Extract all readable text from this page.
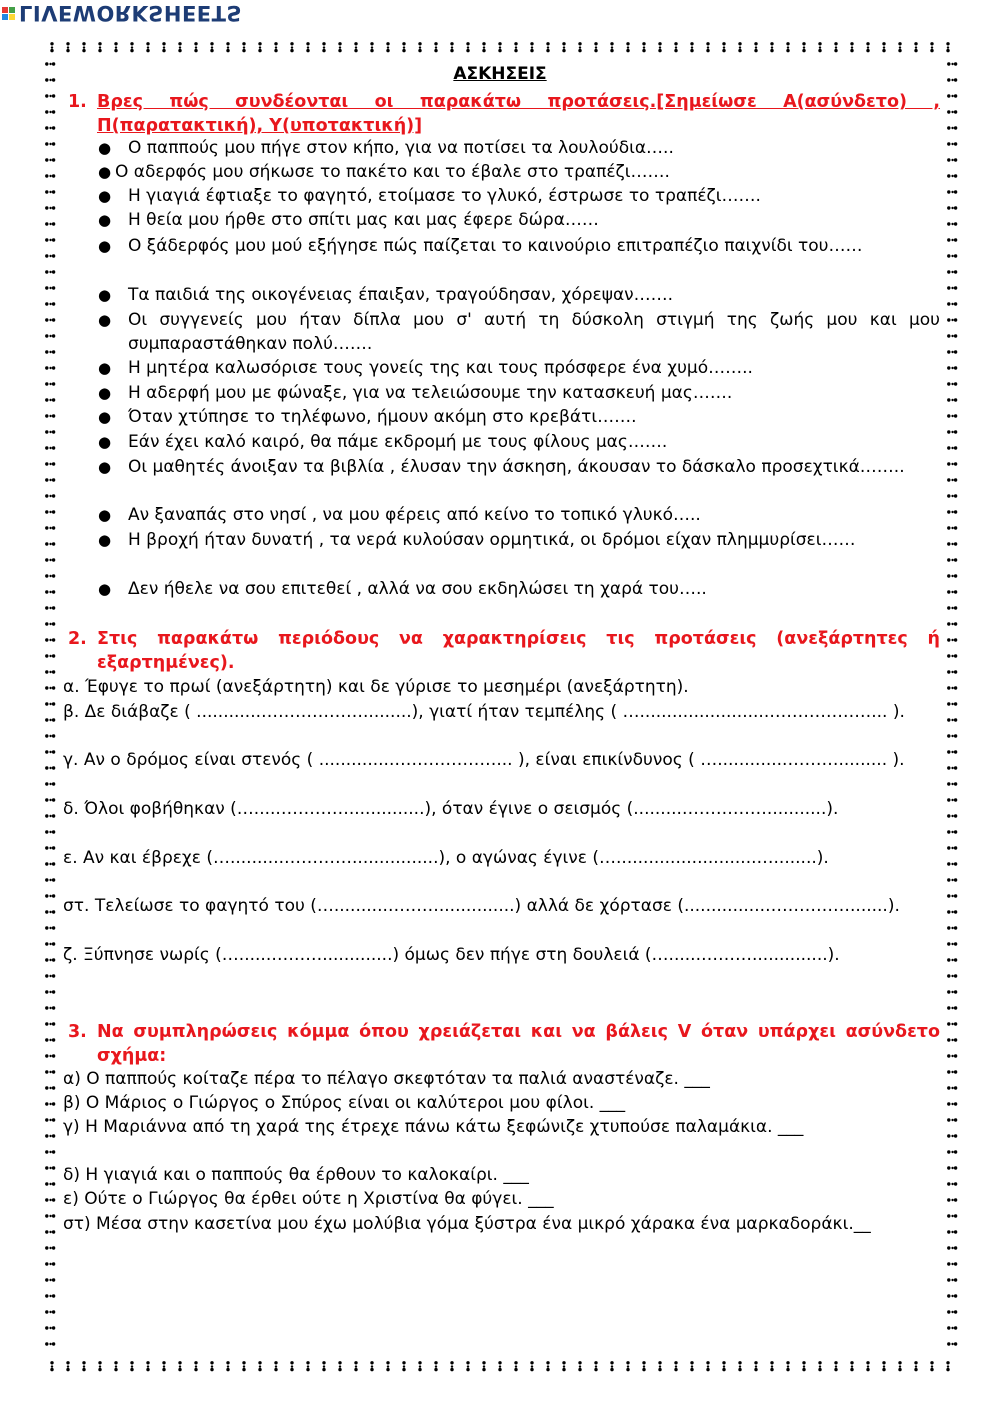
LIVEWORKSHEETS
ΑΣΚΗΣΕΙΣ
1. Βρες πώς συνδέονται οι παρακάτω προτάσεις.[Σημείωσε Α(ασύνδετο) , Π(παρατακτική), Υ(υποτακτική)]
● Ο παππούς μου πήγε στον κήπο, για να ποτίσει τα λουλούδια…..
● Ο αδερφός μου σήκωσε το πακέτο και το έβαλε στο τραπέζι…….
● Η γιαγιά έφτιαξε το φαγητό, ετοίμασε το γλυκό, έστρωσε το τραπέζι…….
● Η θεία μου ήρθε στο σπίτι μας και μας έφερε δώρα……
● Ο ξάδερφός μου μού εξήγησε πώς παίζεται το καινούριο επιτραπέζιο παιχνίδι του……
● Τα παιδιά της οικογένειας έπαιξαν, τραγούδησαν, χόρεψαν…….
● Οι συγγενείς μου ήταν δίπλα μου σ' αυτή τη δύσκολη στιγμή της ζωής μου και μου συμπαραστάθηκαν πολύ…….
● Η μητέρα καλωσόρισε τους γονείς της και τους πρόσφερε ένα χυμό……..
● Η αδερφή μου με φώναξε, για να τελειώσουμε την κατασκευή μας…….
● Όταν χτύπησε το τηλέφωνο, ήμουν ακόμη στο κρεβάτι…….
● Εάν έχει καλό καιρό, θα πάμε εκδρομή με τους φίλους μας…….
● Οι μαθητές άνοιξαν τα βιβλία , έλυσαν την άσκηση, άκουσαν το δάσκαλο προσεχτικά……..
● Αν ξαναπάς στο νησί , να μου φέρεις από κείνο το τοπικό γλυκό…..
● Η βροχή ήταν δυνατή , τα νερά κυλούσαν ορμητικά, οι δρόμοι είχαν πλημμυρίσει……
● Δεν ήθελε να σου επιτεθεί , αλλά να σου εκδηλώσει τη χαρά του…..
2. Στις παρακάτω περιόδους να χαρακτηρίσεις τις προτάσεις (ανεξάρτητες ή εξαρτημένες).
α. Έφυγε το πρωί (ανεξάρτητη) και δε γύρισε το μεσημέρι (ανεξάρτητη).
β. Δε διάβαζε ( ............……………….........), γιατί ήταν τεμπέλης ( …........................………………... ).
γ. Αν ο δρόμος είναι στενός ( ..............………………... ), είναι επικίνδυνος ( ….............………......... ).
δ. Όλοι φοβήθηκαν (….....…………..............), όταν έγινε ο σεισμός (.........……………...........).
ε. Αν και έβρεχε (…..........…………................), ο αγώνας έγινε (…..........................…........).
στ. Τελείωσε το φαγητό του (…..........………..............) αλλά δε χόρτασε (...............…………….......).
ζ. Ξύπνησε νωρίς (…......……….............) όμως δεν πήγε στη δουλειά (…......………..............).
3. Να συμπληρώσεις κόμμα όπου χρειάζεται και να βάλεις V όταν υπάρχει ασύνδετο σχήμα:
α) Ο παππούς κοίταζε πέρα το πέλαγο σκεφτόταν τα παλιά αναστέναζε. ___
β) Ο Μάριος ο Γιώργος ο Σπύρος είναι οι καλύτεροι μου φίλοι. ___
γ) Η Μαριάννα από τη χαρά της έτρεχε πάνω κάτω ξεφώνιζε χτυπούσε παλαμάκια. ___
δ) Η γιαγιά και ο παππούς θα έρθουν το καλοκαίρι. ___
ε) Ούτε ο Γιώργος θα έρθει ούτε η Χριστίνα θα φύγει. ___
στ) Μέσα στην κασετίνα μου έχω μολύβια γόμα ξύστρα ένα μικρό χάρακα ένα μαρκαδοράκι.__
